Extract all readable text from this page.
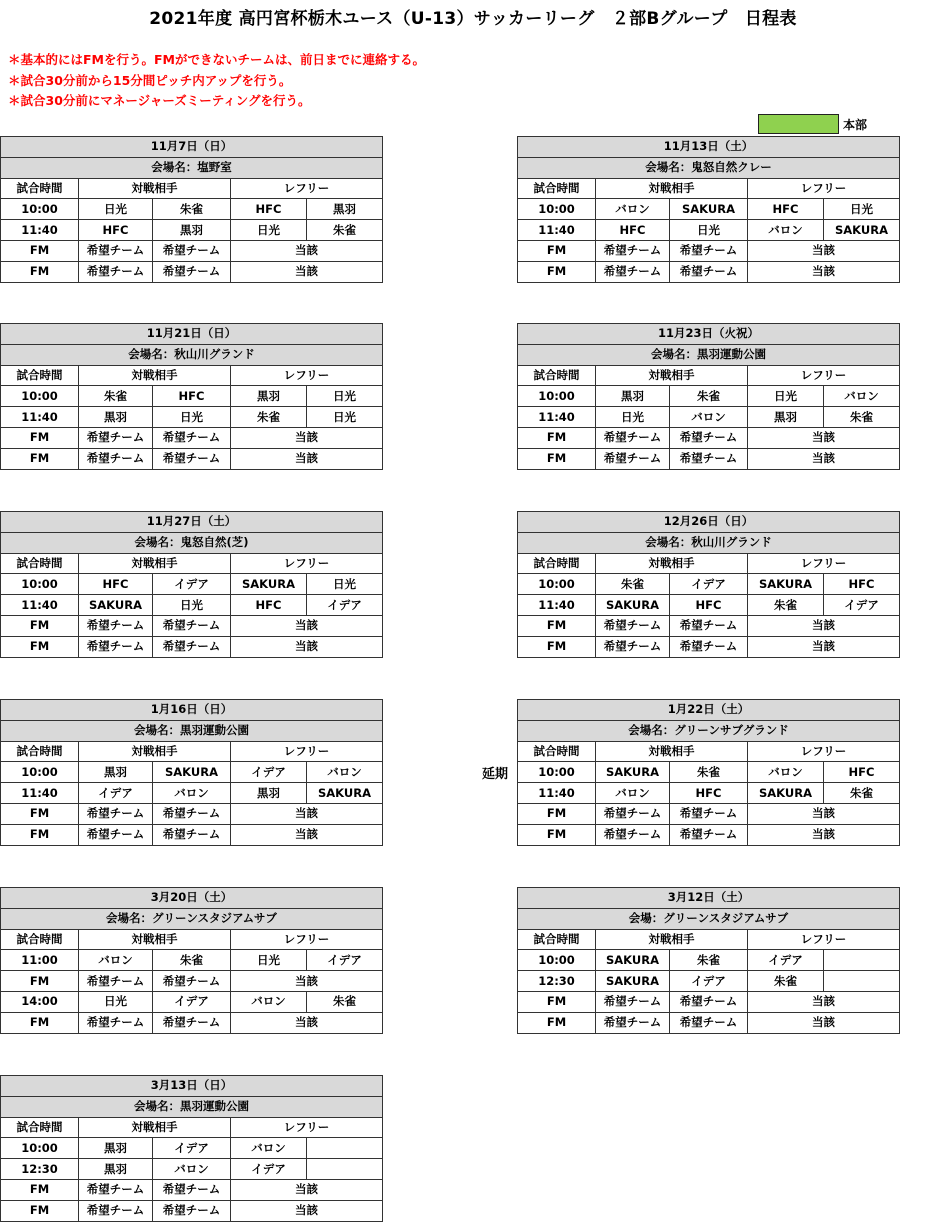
2021年度 高円宮杯栃木ユース（U-13）サッカーリーグ　２部Bグループ　日程表
＊基本的にはFMを行う。FMができないチームは、前日までに連絡する。
＊試合30分前から15分間ピッチ内アップを行う。
＊試合30分前にマネージャーズミーティングを行う。
本部
延期
11月7日（日）				
会場名：塩野室				
試合時間	対戦相手		レフリー	
10:00	日光	朱雀	HFC	黒羽
11:40	HFC	黒羽	日光	朱雀
FM	希望チーム	希望チーム	当該	
FM	希望チーム	希望チーム	当該	
11月13日（土）				
会場名：鬼怒自然クレー				
試合時間	対戦相手		レフリー	
10:00	バロン	SAKURA	HFC	日光
11:40	HFC	日光	バロン	SAKURA
FM	希望チーム	希望チーム	当該	
FM	希望チーム	希望チーム	当該	
11月21日（日）				
会場名：秋山川グランド				
試合時間	対戦相手		レフリー	
10:00	朱雀	HFC	黒羽	日光
11:40	黒羽	日光	朱雀	日光
FM	希望チーム	希望チーム	当該	
FM	希望チーム	希望チーム	当該	
11月23日（火祝）				
会場名：黒羽運動公園				
試合時間	対戦相手		レフリー	
10:00	黒羽	朱雀	日光	バロン
11:40	日光	バロン	黒羽	朱雀
FM	希望チーム	希望チーム	当該	
FM	希望チーム	希望チーム	当該	
11月27日（土）				
会場名：鬼怒自然(芝)				
試合時間	対戦相手		レフリー	
10:00	HFC	イデア	SAKURA	日光
11:40	SAKURA	日光	HFC	イデア
FM	希望チーム	希望チーム	当該	
FM	希望チーム	希望チーム	当該	
12月26日（日）				
会場名：秋山川グランド				
試合時間	対戦相手		レフリー	
10:00	朱雀	イデア	SAKURA	HFC
11:40	SAKURA	HFC	朱雀	イデア
FM	希望チーム	希望チーム	当該	
FM	希望チーム	希望チーム	当該	
1月16日（日）				
会場名：黒羽運動公園				
試合時間	対戦相手		レフリー	
10:00	黒羽	SAKURA	イデア	バロン
11:40	イデア	バロン	黒羽	SAKURA
FM	希望チーム	希望チーム	当該	
FM	希望チーム	希望チーム	当該	
1月22日（土）				
会場名：グリーンサブグランド				
試合時間	対戦相手		レフリー	
10:00	SAKURA	朱雀	バロン	HFC
11:40	バロン	HFC	SAKURA	朱雀
FM	希望チーム	希望チーム	当該	
FM	希望チーム	希望チーム	当該	
3月20日（土）				
会場名：グリーンスタジアムサブ				
試合時間	対戦相手		レフリー	
11:00	バロン	朱雀	日光	イデア
FM	希望チーム	希望チーム	当該	
14:00	日光	イデア	バロン	朱雀
FM	希望チーム	希望チーム	当該	
3月12日（土）				
会場：グリーンスタジアムサブ				
試合時間	対戦相手		レフリー	
10:00	SAKURA	朱雀	イデア	
12:30	SAKURA	イデア	朱雀	
FM	希望チーム	希望チーム	当該	
FM	希望チーム	希望チーム	当該	
3月13日（日）				
会場名：黒羽運動公園				
試合時間	対戦相手		レフリー	
10:00	黒羽	イデア	バロン	
12:30	黒羽	バロン	イデア	
FM	希望チーム	希望チーム	当該	
FM	希望チーム	希望チーム	当該	
